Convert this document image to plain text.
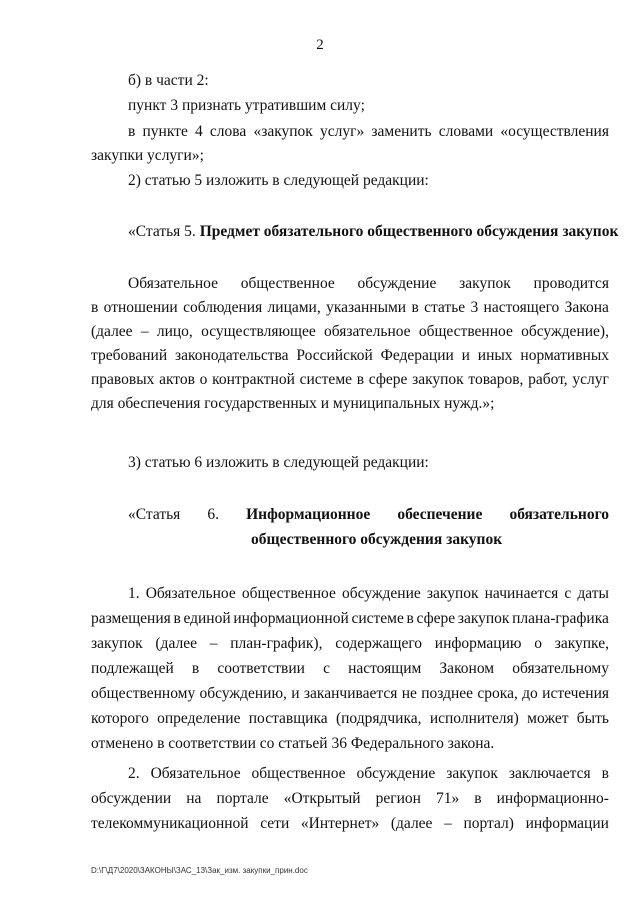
2
б) в части 2:
пункт 3 признать утратившим силу;
в пункте 4 слова «закупок услуг» заменить словами «осуществления
закупки услуги»;
2) статью 5 изложить в следующей редакции:
«Статья 5. Предмет обязательного общественного обсуждения закупок
Обязательное общественное обсуждение закупок проводится
в отношении соблюдения лицами, указанными в статье 3 настоящего Закона
(далее – лицо, осуществляющее обязательное общественное обсуждение),
требований законодательства Российской Федерации и иных нормативных
правовых актов о контрактной системе в сфере закупок товаров, работ, услуг
для обеспечения государственных и муниципальных нужд.»;
3) статью 6 изложить в следующей редакции:
«Статья 6. Информационное обеспечение обязательного
общественного обсуждения закупок
1. Обязательное общественное обсуждение закупок начинается с даты
размещения в единой информационной системе в сфере закупок плана-графика
закупок (далее – план-график), содержащего информацию о закупке,
подлежащей в соответствии с настоящим Законом обязательному
общественному обсуждению, и заканчивается не позднее срока, до истечения
которого определение поставщика (подрядчика, исполнителя) может быть
отменено в соответствии со статьей 36 Федерального закона.
2. Обязательное общественное обсуждение закупок заключается в
обсуждении на портале «Открытый регион 71» в информационно-
телекоммуникационной сети «Интернет» (далее – портал) информации
D:\Г\Д7\2020\ЗАКОНЫ\ЗАС_13\Зак_изм. закупки_прин.doc
